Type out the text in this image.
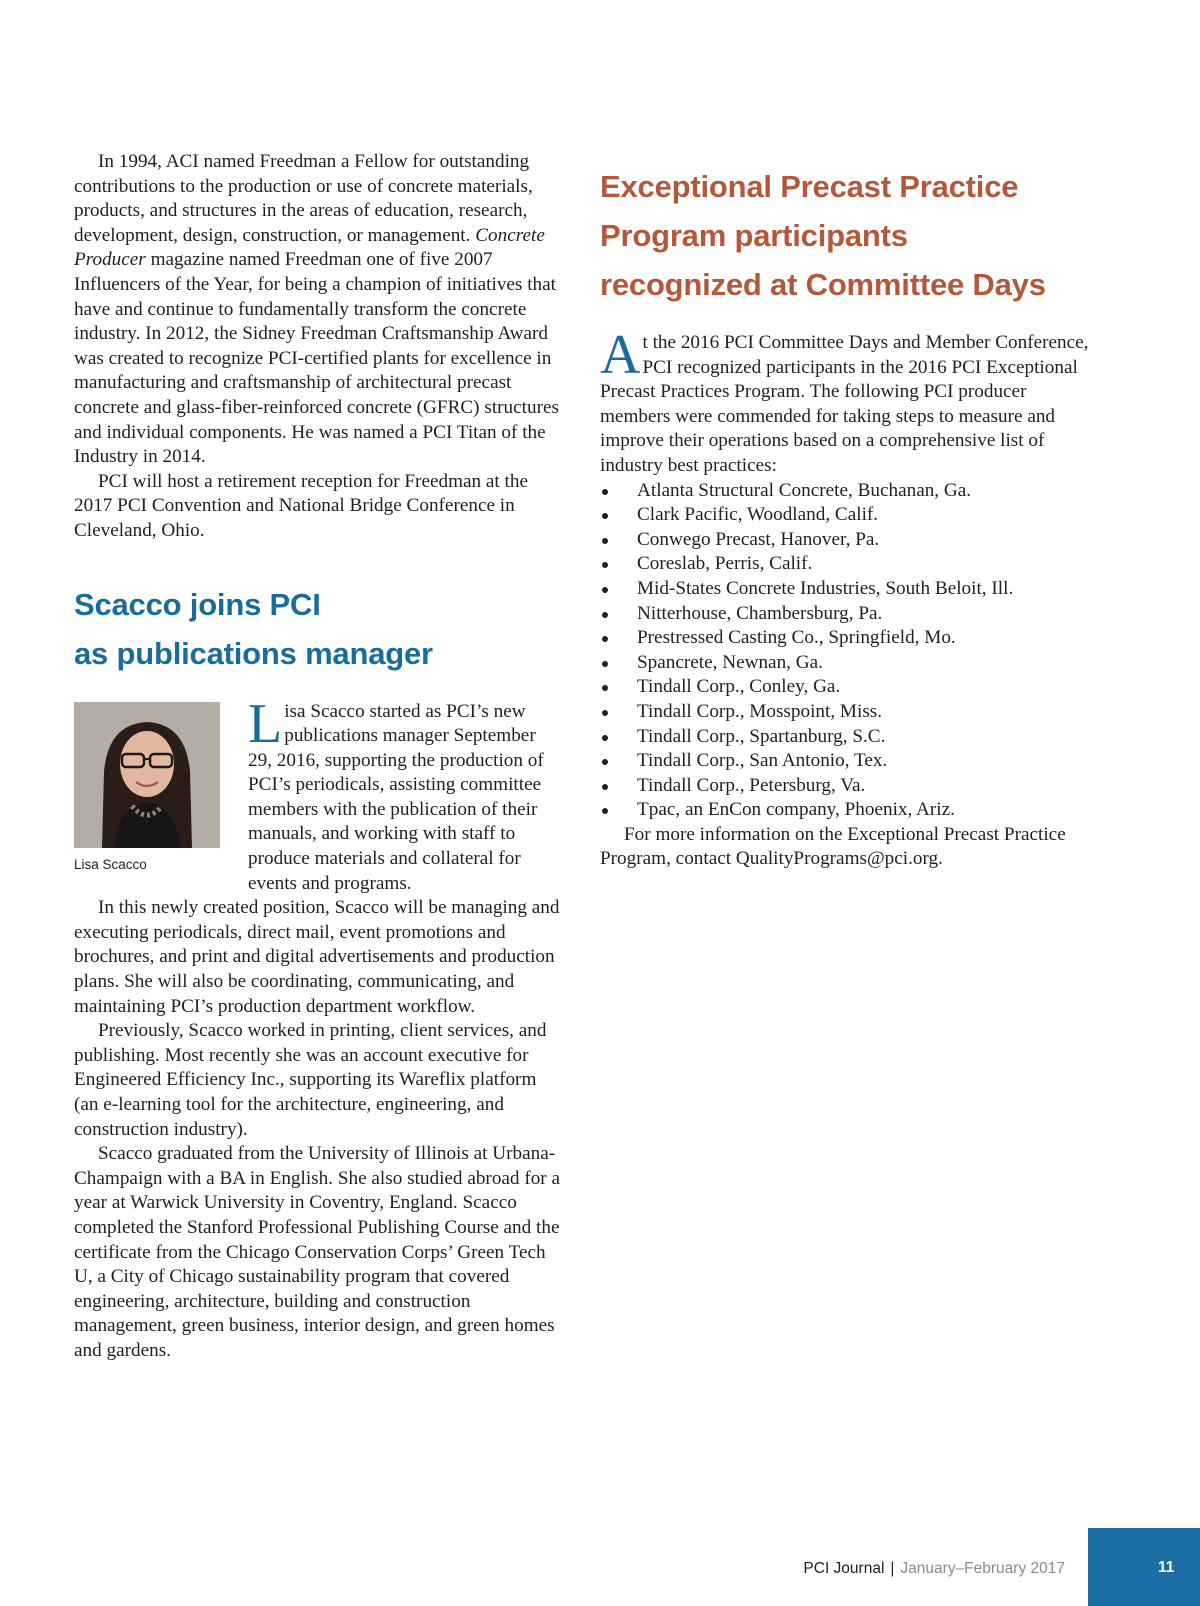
In 1994, ACI named Freedman a Fellow for outstanding contributions to the production or use of concrete materials, products, and structures in the areas of education, research, development, design, construction, or management. Concrete Producer magazine named Freedman one of five 2007 Influencers of the Year, for being a champion of initiatives that have and continue to fundamentally transform the concrete industry. In 2012, the Sidney Freedman Craftsmanship Award was created to recognize PCI-certified plants for excellence in manufacturing and craftsmanship of architectural precast concrete and glass-fiber-reinforced concrete (GFRC) structures and individual components. He was named a PCI Titan of the Industry in 2014.

PCI will host a retirement reception for Freedman at the 2017 PCI Convention and National Bridge Conference in Cleveland, Ohio.

Scacco joins PCI
as publications manager
Lisa Scacco

Lisa Scacco started as PCI’s new publications manager September 29, 2016, supporting the production of PCI’s periodicals, assisting committee members with the publication of their manuals, and working with staff to produce materials and collateral for events and programs.

In this newly created position, Scacco will be managing and executing periodicals, direct mail, event promotions and brochures, and print and digital advertisements and production plans. She will also be coordinating, communicating, and maintaining PCI’s production department workflow.

Previously, Scacco worked in printing, client services, and publishing. Most recently she was an account executive for Engineered Efficiency Inc., supporting its Wareflix platform (an e-learning tool for the architecture, engineering, and construction industry).

Scacco graduated from the University of Illinois at Urbana-Champaign with a BA in English. She also studied abroad for a year at Warwick University in Coventry, England. Scacco completed the Stanford Professional Publishing Course and the certificate from the Chicago Conservation Corps’ Green Tech U, a City of Chicago sustainability program that covered engineering, architecture, building and construction management, green business, interior design, and green homes and gardens.

Exceptional Precast Practice
Program participants
recognized at Committee Days

At the 2016 PCI Committee Days and Member Conference, PCI recognized participants in the 2016 PCI Exceptional Precast Practices Program. The following PCI producer members were commended for taking steps to measure and improve their operations based on a comprehensive list of industry best practices:

Atlanta Structural Concrete, Buchanan, Ga.
Clark Pacific, Woodland, Calif.
Conwego Precast, Hanover, Pa.
Coreslab, Perris, Calif.
Mid-States Concrete Industries, South Beloit, Ill.
Nitterhouse, Chambersburg, Pa.
Prestressed Casting Co., Springfield, Mo.
Spancrete, Newnan, Ga.
Tindall Corp., Conley, Ga.
Tindall Corp., Mosspoint, Miss.
Tindall Corp., Spartanburg, S.C.
Tindall Corp., San Antonio, Tex.
Tindall Corp., Petersburg, Va.
Tpac, an EnCon company, Phoenix, Ariz.

For more information on the Exceptional Precast Practice Program, contact QualityPrograms@pci.org.

PCI Journal | January–February 2017	11
